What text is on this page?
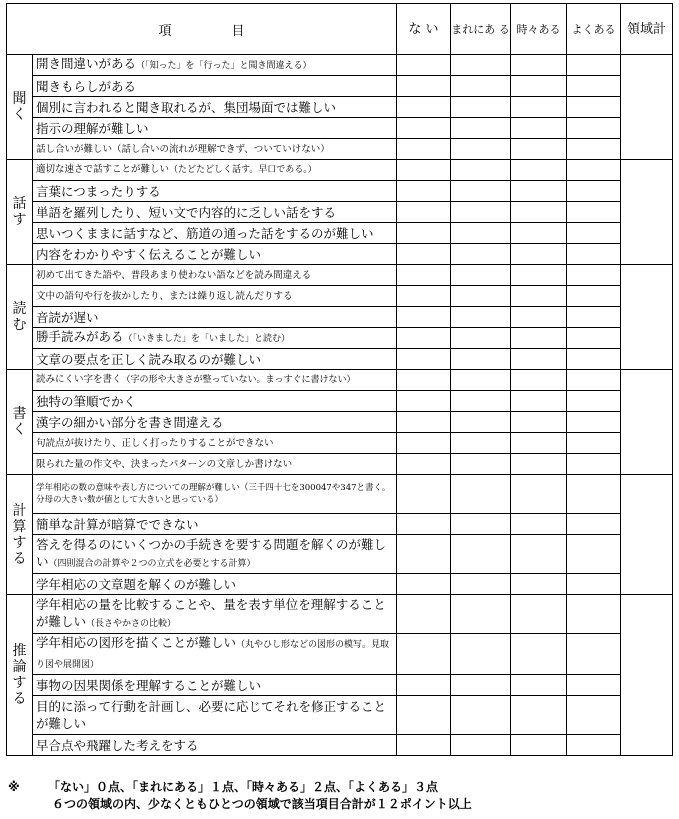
項 目		な い	まれにあ る	時々ある	よくある	領域計
聞く	開き間違いがある（「知った」を「行った」と聞き間違える）					
	聞きもらしがある					
	個別に言われると聞き取れるが、集団場面では難しい					
	指示の理解が難しい					
	話し合いが難しい（話し合いの流れが理解できず、ついていけない）					
話す	適切な速さで話すことが難しい（たどたどしく話す。早口である。）					
	言葉につまったりする					
	単語を羅列したり、短い文で内容的に乏しい話をする					
	思いつくままに話すなど、筋道の通った話をするのが難しい					
	内容をわかりやすく伝えることが難しい					
読む	初めて出てきた語や、普段あまり使わない語などを読み間違える					
	文中の語句や行を抜かしたり、または繰り返し読んだりする					
	音読が遅い					
	勝手読みがある（「いきました」を「いました」と読む）					
	文章の要点を正しく読み取るのが難しい					
書く	読みにくい字を書く（字の形や大きさが整っていない。まっすぐに書けない）					
	独特の筆順でかく					
	漢字の細かい部分を書き間違える					
	句読点が抜けたり、正しく打ったりすることができない					
	限られた量の作文や、決まったパターンの文章しか書けない					
計算する	学年相応の数の意味や表し方についての理解が難しい（三千四十七を300047や347と書く。分母の大きい数が値として大きいと思っている）					

	簡単な計算が暗算でできない					
	答えを得るのにいくつかの手続きを要する問題を解くのが難しい（四則混合の計算や２つの立式を必要とする計算）					
	学年相応の文章題を解くのが難しい					
推論する	学年相応の量を比較することや、量を表す単位を理解することが難しい（長さやかさの比較）					
	学年相応の図形を描くことが難しい（丸やひし形などの図形の模写。見取り図や展開図）					
	事物の因果関係を理解することが難しい					
	目的に添って行動を計画し、必要に応じてそれを修正することが難しい					
	早合点や飛躍した考えをする					
※ 「ない」０点、「まれにある」１点、「時々ある」２点、「よくある」３点
６つの領域の内、少なくともひとつの領域で該当項目合計が１２ポイント以上
